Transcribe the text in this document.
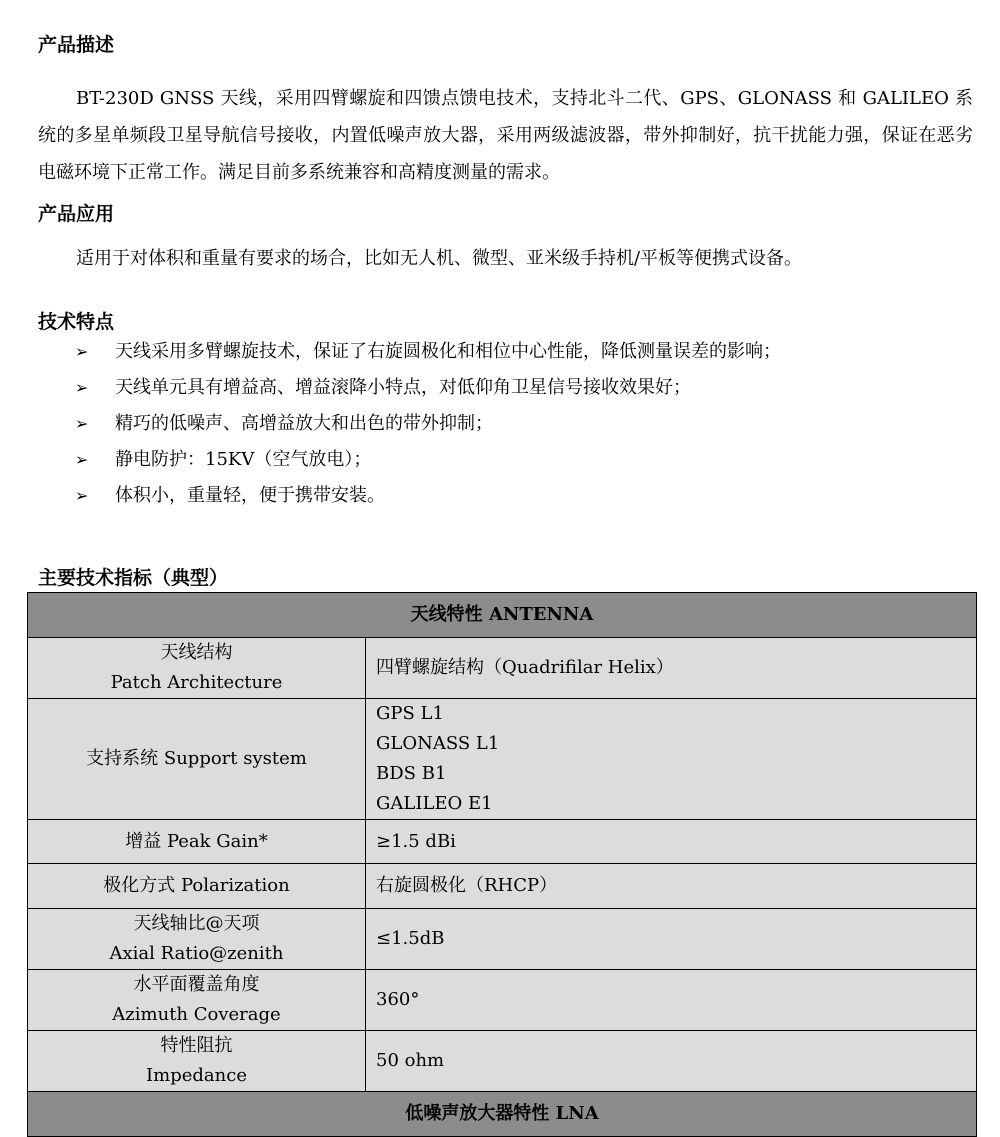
产品描述

BT-230D GNSS 天线，采用四臂螺旋和四馈点馈电技术，支持北斗二代、GPS、GLONASS 和 GALILEO 系统的多星单频段卫星导航信号接收，内置低噪声放大器，采用两级滤波器，带外抑制好，抗干扰能力强，保证在恶劣电磁环境下正常工作。满足目前多系统兼容和高精度测量的需求。

产品应用

适用于对体积和重量有要求的场合，比如无人机、微型、亚米级手持机/平板等便携式设备。

技术特点
➢	天线采用多臂螺旋技术，保证了右旋圆极化和相位中心性能，降低测量误差的影响；
➢	天线单元具有增益高、增益滚降小特点，对低仰角卫星信号接收效果好；
➢	精巧的低噪声、高增益放大和出色的带外抑制；
➢	静电防护：15KV（空气放电）；
➢	体积小，重量轻，便于携带安装。
主要技术指标（典型）
天线特性 ANTENNA	

天线结构
Patch Architecture	四臂螺旋结构（Quadrifilar Helix）
支持系统 Support system	GPS L1
GLONASS L1
BDS B1
GALILEO E1

增益 Peak Gain*	≥1.5 dBi
极化方式 Polarization	右旋圆极化（RHCP）

天线轴比@天项
Axial Ratio@zenith	≤1.5dB

水平面覆盖角度
Azimuth Coverage	360°

特性阻抗
Impedance	50 ohm
低噪声放大器特性 LNA	
